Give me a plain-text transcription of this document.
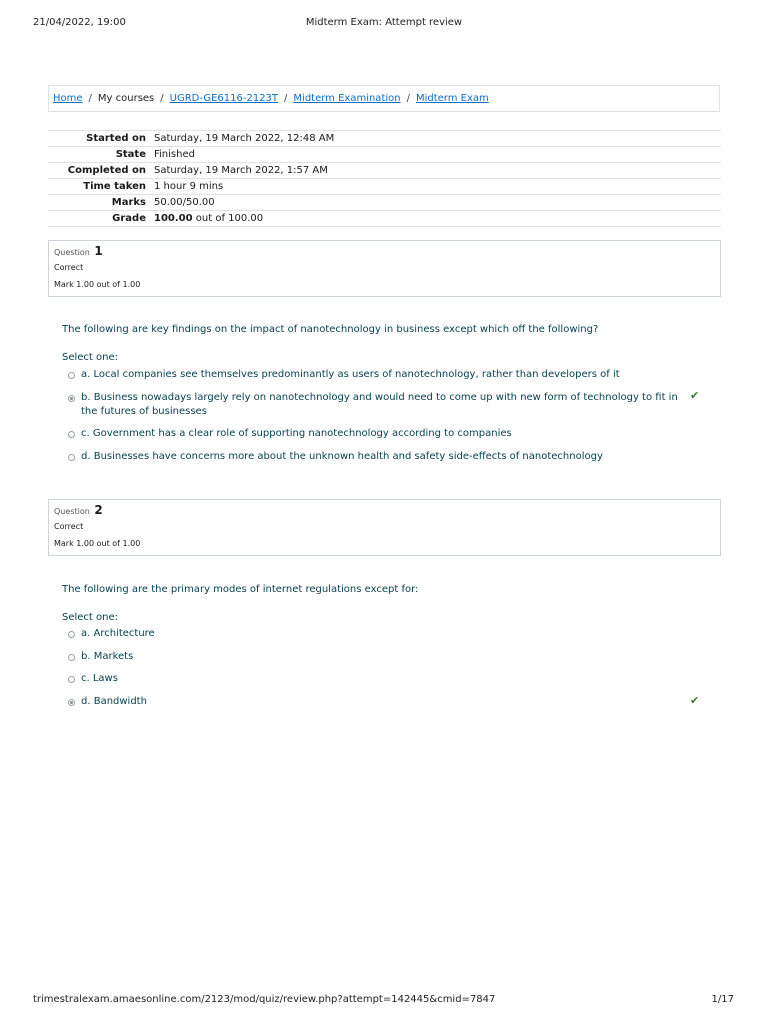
21/04/2022, 19:00	Midterm Exam: Attempt review
Home / My courses / UGRD-GE6116-2123T / Midterm Examination / Midterm Exam
Started on	Saturday, 19 March 2022, 12:48 AM
State	Finished
Completed on	Saturday, 19 March 2022, 1:57 AM
Time taken	1 hour 9 mins
Marks	50.00/50.00
Grade	100.00 out of 100.00
Question 1
Correct
Mark 1.00 out of 1.00
The following are key findings on the impact of nanotechnology in business except which off the following?
Select one:
a. Local companies see themselves predominantly as users of nanotechnology, rather than developers of it
b. Business nowadays largely rely on nanotechnology and would need to come up with new form of technology to fit in the futures of businesses
✔
c. Government has a clear role of supporting nanotechnology according to companies
d. Businesses have concerns more about the unknown health and safety side-effects of nanotechnology
Question 2
Correct
Mark 1.00 out of 1.00
The following are the primary modes of internet regulations except for:
Select one:
a. Architecture
b. Markets
c. Laws
d. Bandwidth	✔
trimestralexam.amaesonline.com/2123/mod/quiz/review.php?attempt=142445&cmid=7847	1/17
